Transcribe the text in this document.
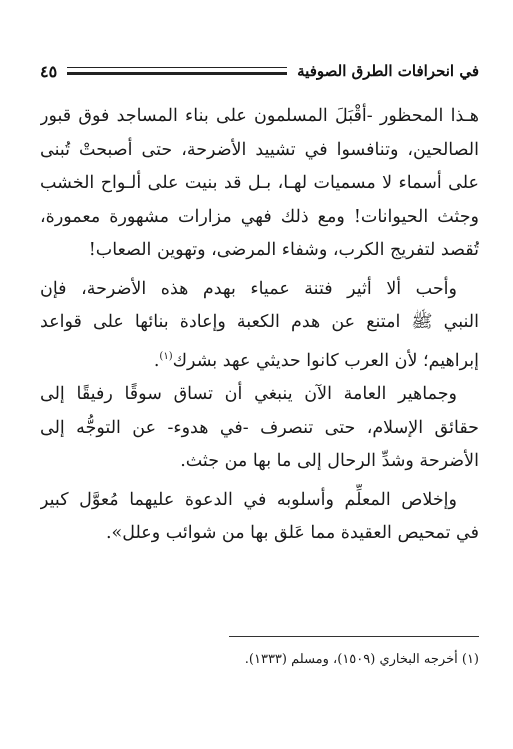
في انحرافات الطرق الصوفية
٤٥
هـذا المحظور -أقْبَلَ المسلمون على بناء المساجد فوق قبور
الصالحين، وتنافسوا في تشييد الأضرحة، حتى أصبحتْ تُبنى
على أسماء لا مسميات لهـا، بـل قد بنيت على ألـواح الخشب
وجثث الحيوانات! ومع ذلك فهي مزارات مشهورة معمورة،
تُقصد لتفريج الكرب، وشفاء المرضى، وتهوين الصعاب!
وأحب ألا أثير فتنة عمياء بهدم هذه الأضرحة، فإن
النبي ﷺ امتنع عن هدم الكعبة وإعادة بنائها على قواعد
إبراهيم؛ لأن العرب كانوا حديثي عهد بشرك$^{(١)}$.
وجماهير العامة الآن ينبغي أن تساق سوقًا رفيقًا إلى
حقائق الإسلام، حتى تنصرف -في هدوء- عن التوجُّه إلى
الأضرحة وشدِّ الرحال إلى ما بها من جثث.
وإخلاص المعلِّم وأسلوبه في الدعوة عليهما مُعوَّل كبير
في تمحيص العقيدة مما عَلق بها من شوائب وعلل».
(١) أخرجه البخاري (١٥٠٩)، ومسلم (١٣٣٣).
